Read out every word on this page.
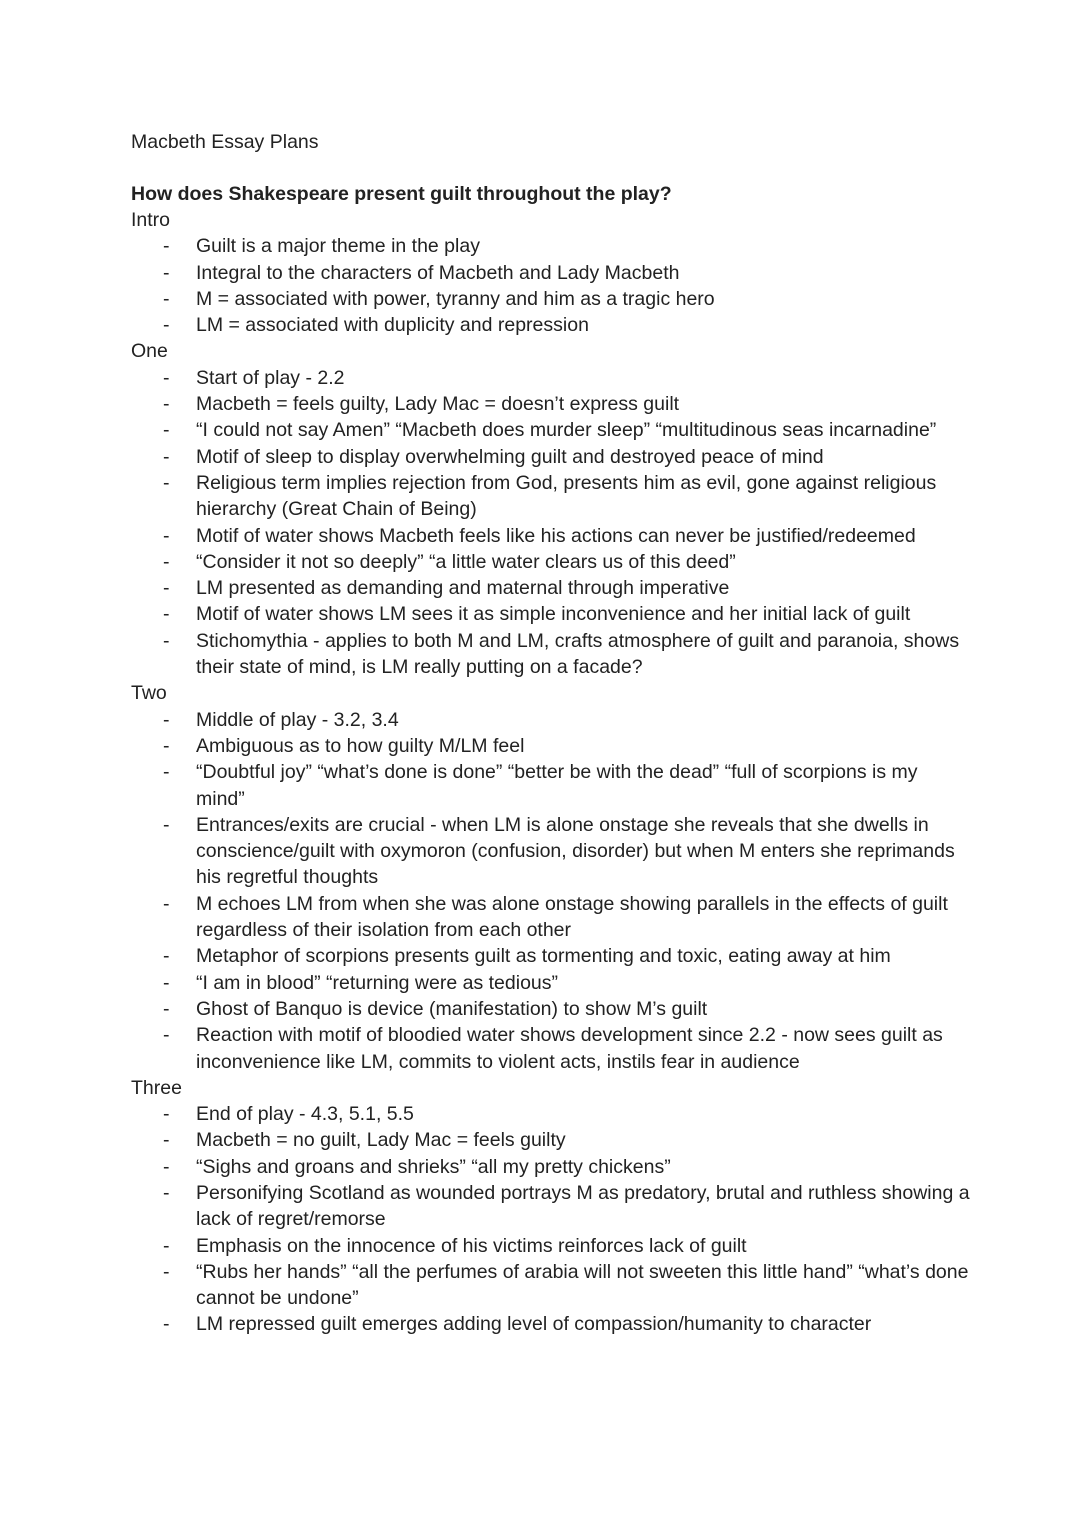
Macbeth Essay Plans
How does Shakespeare present guilt throughout the play?
Intro
- Guilt is a major theme in the play
- Integral to the characters of Macbeth and Lady Macbeth
- M = associated with power, tyranny and him as a tragic hero
- LM = associated with duplicity and repression
One
- Start of play - 2.2
- Macbeth = feels guilty, Lady Mac = doesn’t express guilt
- “I could not say Amen” “Macbeth does murder sleep” “multitudinous seas incarnadine”
- Motif of sleep to display overwhelming guilt and destroyed peace of mind
- Religious term implies rejection from God, presents him as evil, gone against religious hierarchy (Great Chain of Being)
- Motif of water shows Macbeth feels like his actions can never be justified/redeemed
- “Consider it not so deeply” “a little water clears us of this deed”
- LM presented as demanding and maternal through imperative
- Motif of water shows LM sees it as simple inconvenience and her initial lack of guilt
- Stichomythia - applies to both M and LM, crafts atmosphere of guilt and paranoia, shows their state of mind, is LM really putting on a facade?
Two
- Middle of play - 3.2, 3.4
- Ambiguous as to how guilty M/LM feel
- “Doubtful joy” “what’s done is done” “better be with the dead” “full of scorpions is my mind”
- Entrances/exits are crucial - when LM is alone onstage she reveals that she dwells in conscience/guilt with oxymoron (confusion, disorder) but when M enters she reprimands his regretful thoughts
- M echoes LM from when she was alone onstage showing parallels in the effects of guilt regardless of their isolation from each other
- Metaphor of scorpions presents guilt as tormenting and toxic, eating away at him
- “I am in blood” “returning were as tedious”
- Ghost of Banquo is device (manifestation) to show M’s guilt
- Reaction with motif of bloodied water shows development since 2.2 - now sees guilt as inconvenience like LM, commits to violent acts, instils fear in audience
Three
- End of play - 4.3, 5.1, 5.5
- Macbeth = no guilt, Lady Mac = feels guilty
- “Sighs and groans and shrieks” “all my pretty chickens”
- Personifying Scotland as wounded portrays M as predatory, brutal and ruthless showing a lack of regret/remorse
- Emphasis on the innocence of his victims reinforces lack of guilt
- “Rubs her hands” “all the perfumes of arabia will not sweeten this little hand” “what’s done cannot be undone”
- LM repressed guilt emerges adding level of compassion/humanity to character
